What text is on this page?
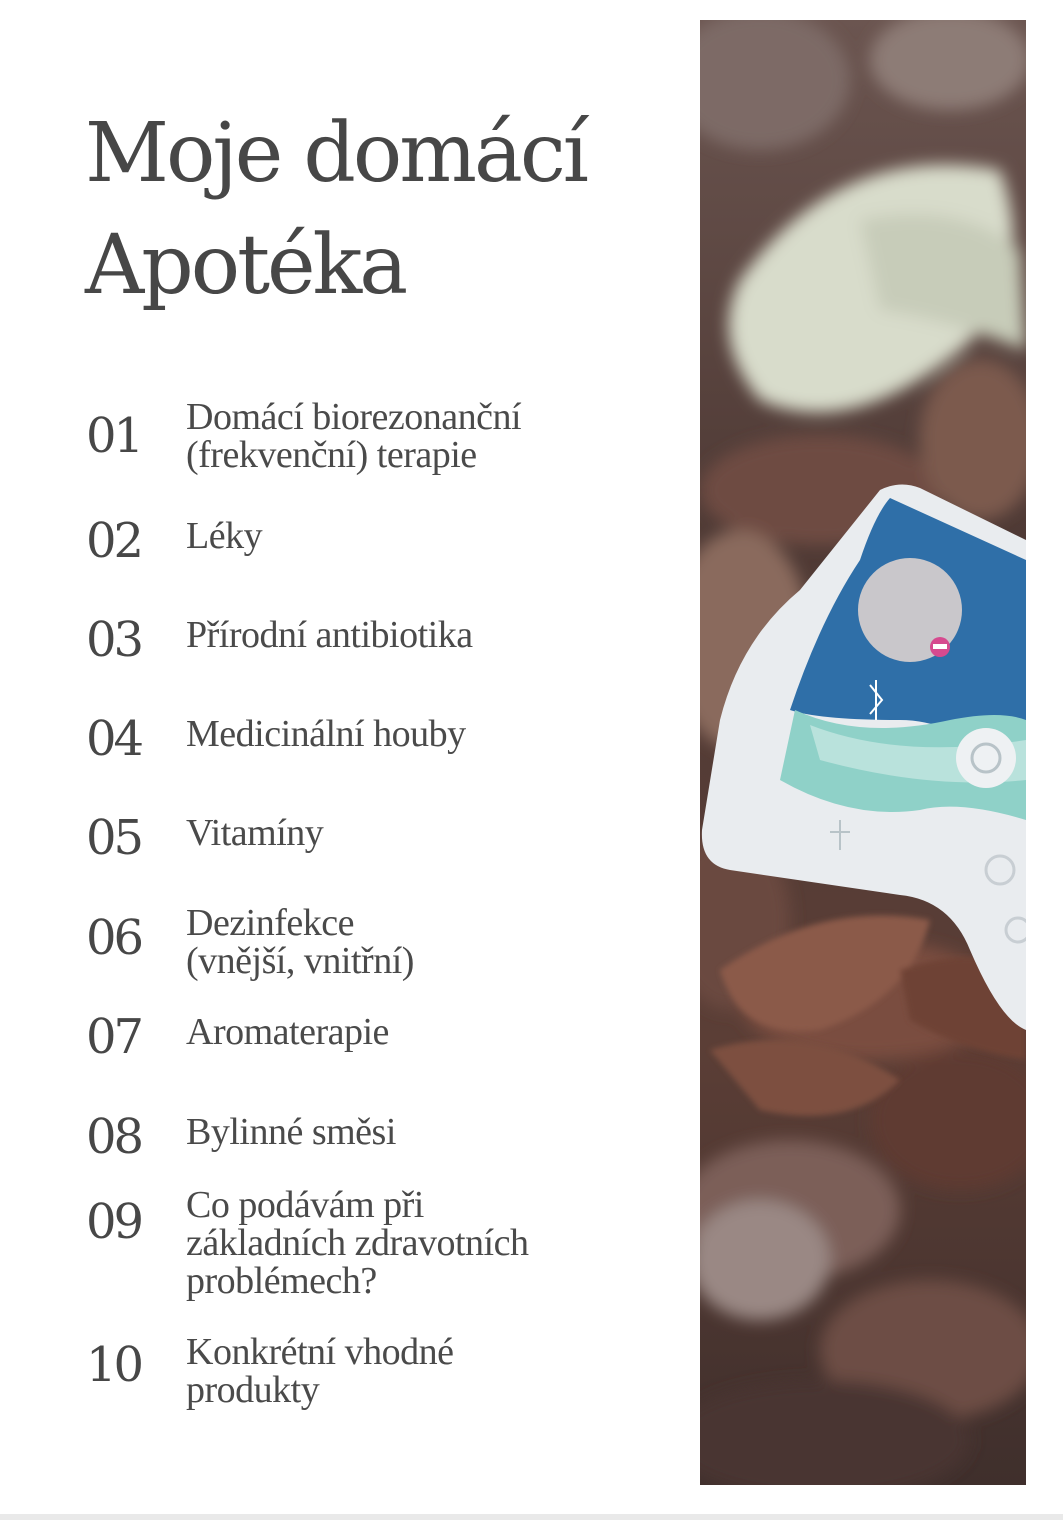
Moje domácí
Apotéka
01 Domácí biorezonanční
(frekvenční) terapie
02 Léky
03 Přírodní antibiotika
04 Medicinální houby
05 Vitamíny
06 Dezinfekce
(vnější, vnitřní)
07 Aromaterapie
08 Bylinné směsi
09 Co podávám při
základních zdravotních
problémech?
10 Konkrétní vhodné
produkty
